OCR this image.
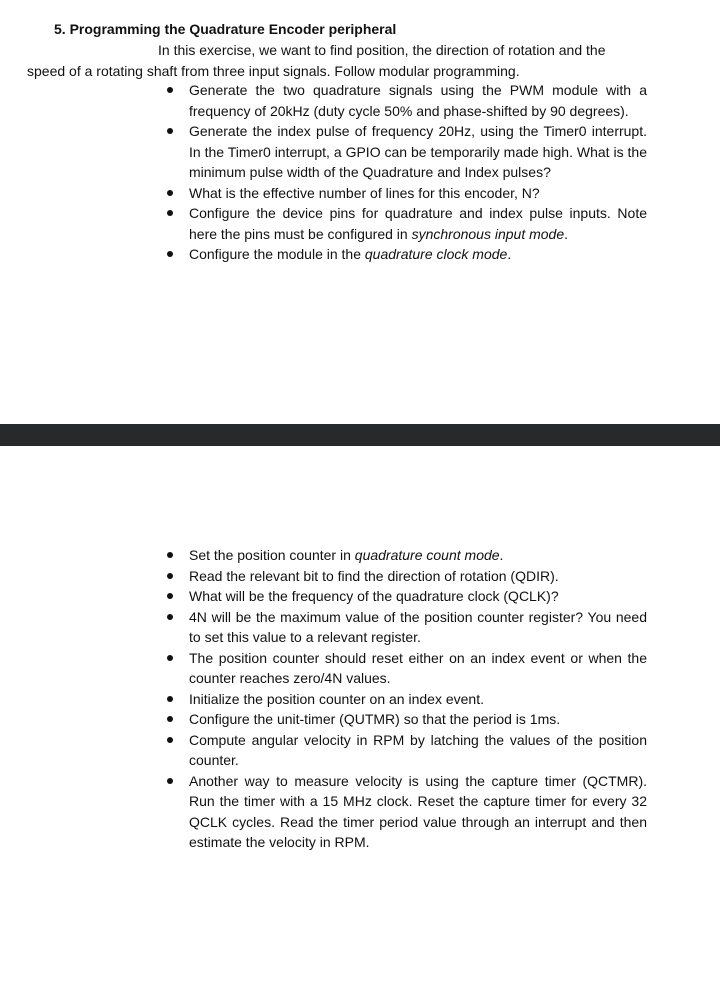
5. Programming the Quadrature Encoder peripheral
In this exercise, we want to find position, the direction of rotation and the
speed of a rotating shaft from three input signals. Follow modular programming.
Generate the two quadrature signals using the PWM module with a frequency of 20kHz (duty cycle 50% and phase-shifted by 90 degrees).
Generate the index pulse of frequency 20Hz, using the Timer0 interrupt. In the Timer0 interrupt, a GPIO can be temporarily made high. What is the minimum pulse width of the Quadrature and Index pulses?
What is the effective number of lines for this encoder, N?
Configure the device pins for quadrature and index pulse inputs. Note here the pins must be configured in synchronous input mode.
Configure the module in the quadrature clock mode.
Set the position counter in quadrature count mode.
Read the relevant bit to find the direction of rotation (QDIR).
What will be the frequency of the quadrature clock (QCLK)?
4N will be the maximum value of the position counter register? You need to set this value to a relevant register.
The position counter should reset either on an index event or when the counter reaches zero/4N values.
Initialize the position counter on an index event.
Configure the unit-timer (QUTMR) so that the period is 1ms.
Compute angular velocity in RPM by latching the values of the position counter.
Another way to measure velocity is using the capture timer (QCTMR). Run the timer with a 15 MHz clock. Reset the capture timer for every 32 QCLK cycles. Read the timer period value through an interrupt and then estimate the velocity in RPM.
